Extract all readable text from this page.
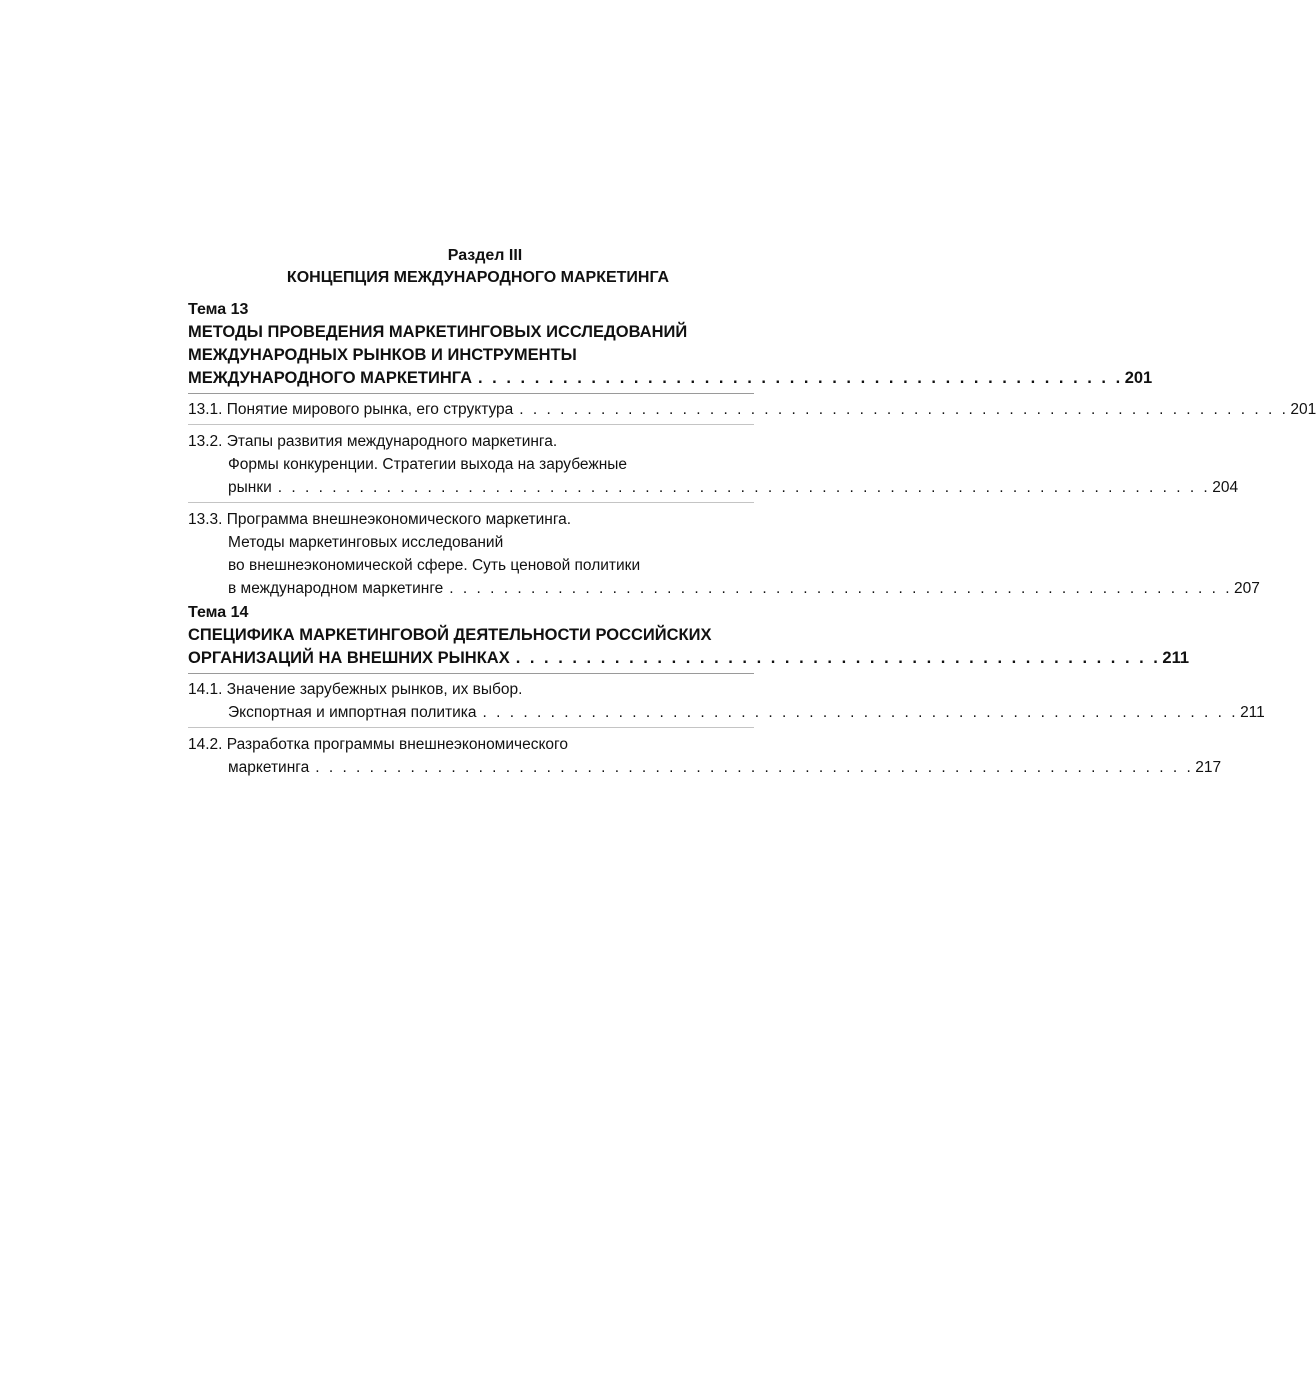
Раздел III
КОНЦЕПЦИЯ МЕЖДУНАРОДНОГО МАРКЕТИНГА
Тема 13
МЕТОДЫ ПРОВЕДЕНИЯ МАРКЕТИНГОВЫХ ИССЛЕДОВАНИЙ
МЕЖДУНАРОДНЫХ РЫНКОВ И ИНСТРУМЕНТЫ
МЕЖДУНАРОДНОГО МАРКЕТИНГА . . . . . . . . . . . . . . . . . . . . . . . . . . . . . . . . . . . . . . . . . . . . . . 201
13.1. Понятие мирового рынка, его структура . . . . . . . . . . . . . . . . . . . . . . . . . . . . . . . . . . . . . . . . . . . . . . . . . . . . . . . . . 201
13.2. Этапы развития международного маркетинга.
Формы конкуренции. Стратегии выхода на зарубежные
рынки . . . . . . . . . . . . . . . . . . . . . . . . . . . . . . . . . . . . . . . . . . . . . . . . . . . . . . . . . . . . . . . . . . . . . 204
13.3. Программа внешнеэкономического маркетинга.
Методы маркетинговых исследований
во внешнеэкономической сфере. Суть ценовой политики
в международном маркетинге . . . . . . . . . . . . . . . . . . . . . . . . . . . . . . . . . . . . . . . . . . . . . . . . . . . . . . . . . . 207
Тема 14
СПЕЦИФИКА МАРКЕТИНГОВОЙ ДЕЯТЕЛЬНОСТИ РОССИЙСКИХ
ОРГАНИЗАЦИЙ НА ВНЕШНИХ РЫНКАХ . . . . . . . . . . . . . . . . . . . . . . . . . . . . . . . . . . . . . . . . . . . . . . 211
14.1. Значение зарубежных рынков, их выбор.
Экспортная и импортная политика . . . . . . . . . . . . . . . . . . . . . . . . . . . . . . . . . . . . . . . . . . . . . . . . . . . . . . . . 211
14.2. Разработка программы внешнеэкономического
маркетинга . . . . . . . . . . . . . . . . . . . . . . . . . . . . . . . . . . . . . . . . . . . . . . . . . . . . . . . . . . . . . . . . . 217
